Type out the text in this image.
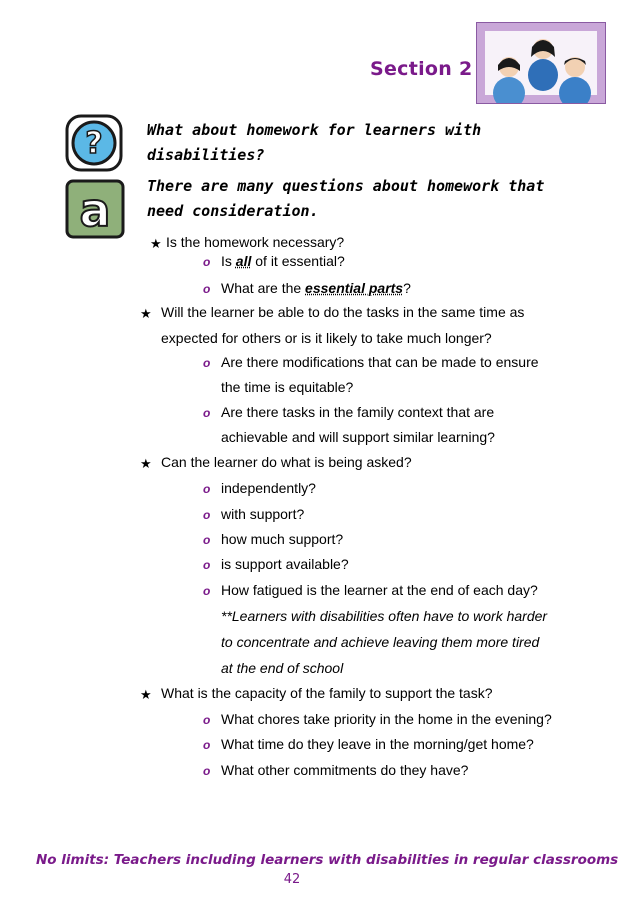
Section 2
?
a
What about homework for learners with disabilities?
There are many questions about homework that need consideration.
★ Is the homework necessary?
o Is all of it essential?
o What are the essential parts?
★ Will the learner be able to do the tasks in the same time as
expected for others or is it likely to take much longer?
o Are there modifications that can be made to ensure
the time is equitable?
o Are there tasks in the family context that are
achievable and will support similar learning?
★ Can the learner do what is being asked?
o independently?
o with support?
o how much support?
o is support available?
o How fatigued is the learner at the end of each day?
**Learners with disabilities often have to work harder
to concentrate and achieve leaving them more tired
at the end of school
★ What is the capacity of the family to support the task?
o What chores take priority in the home in the evening?
o What time do they leave in the morning/get home?
o What other commitments do they have?
No limits: Teachers including learners with disabilities in regular classrooms
42
